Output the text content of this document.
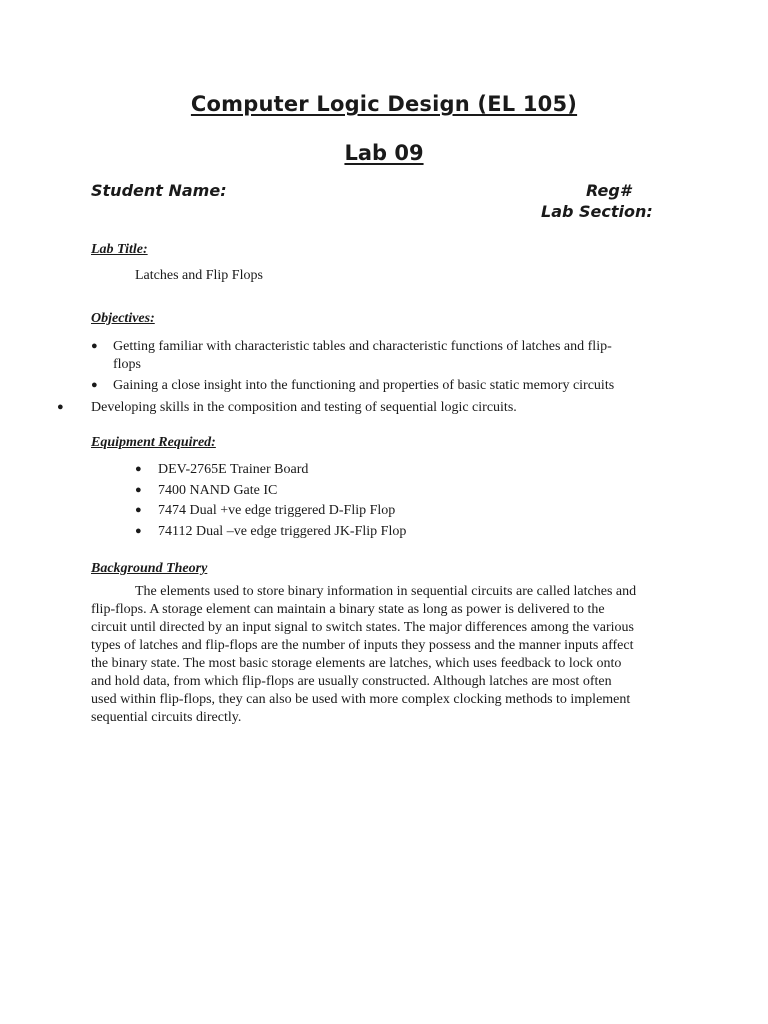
Computer Logic Design (EL 105)
Lab 09
Student Name:	Reg#
Lab Section:
Lab Title:
Latches and Flip Flops
Objectives:
● Getting familiar with characteristic tables and characteristic functions of latches and flip-
flops
● Gaining a close insight into the functioning and properties of basic static memory circuits
● Developing skills in the composition and testing of sequential logic circuits.
Equipment Required:
● DEV-2765E Trainer Board
● 7400 NAND Gate IC
● 7474 Dual +ve edge triggered D-Flip Flop
● 74112 Dual –ve edge triggered JK-Flip Flop
Background Theory
The elements used to store binary information in sequential circuits are called latches and
flip-flops. A storage element can maintain a binary state as long as power is delivered to the
circuit until directed by an input signal to switch states. The major differences among the various
types of latches and flip-flops are the number of inputs they possess and the manner inputs affect
the binary state. The most basic storage elements are latches, which uses feedback to lock onto
and hold data, from which flip-flops are usually constructed. Although latches are most often
used within flip-flops, they can also be used with more complex clocking methods to implement
sequential circuits directly.
